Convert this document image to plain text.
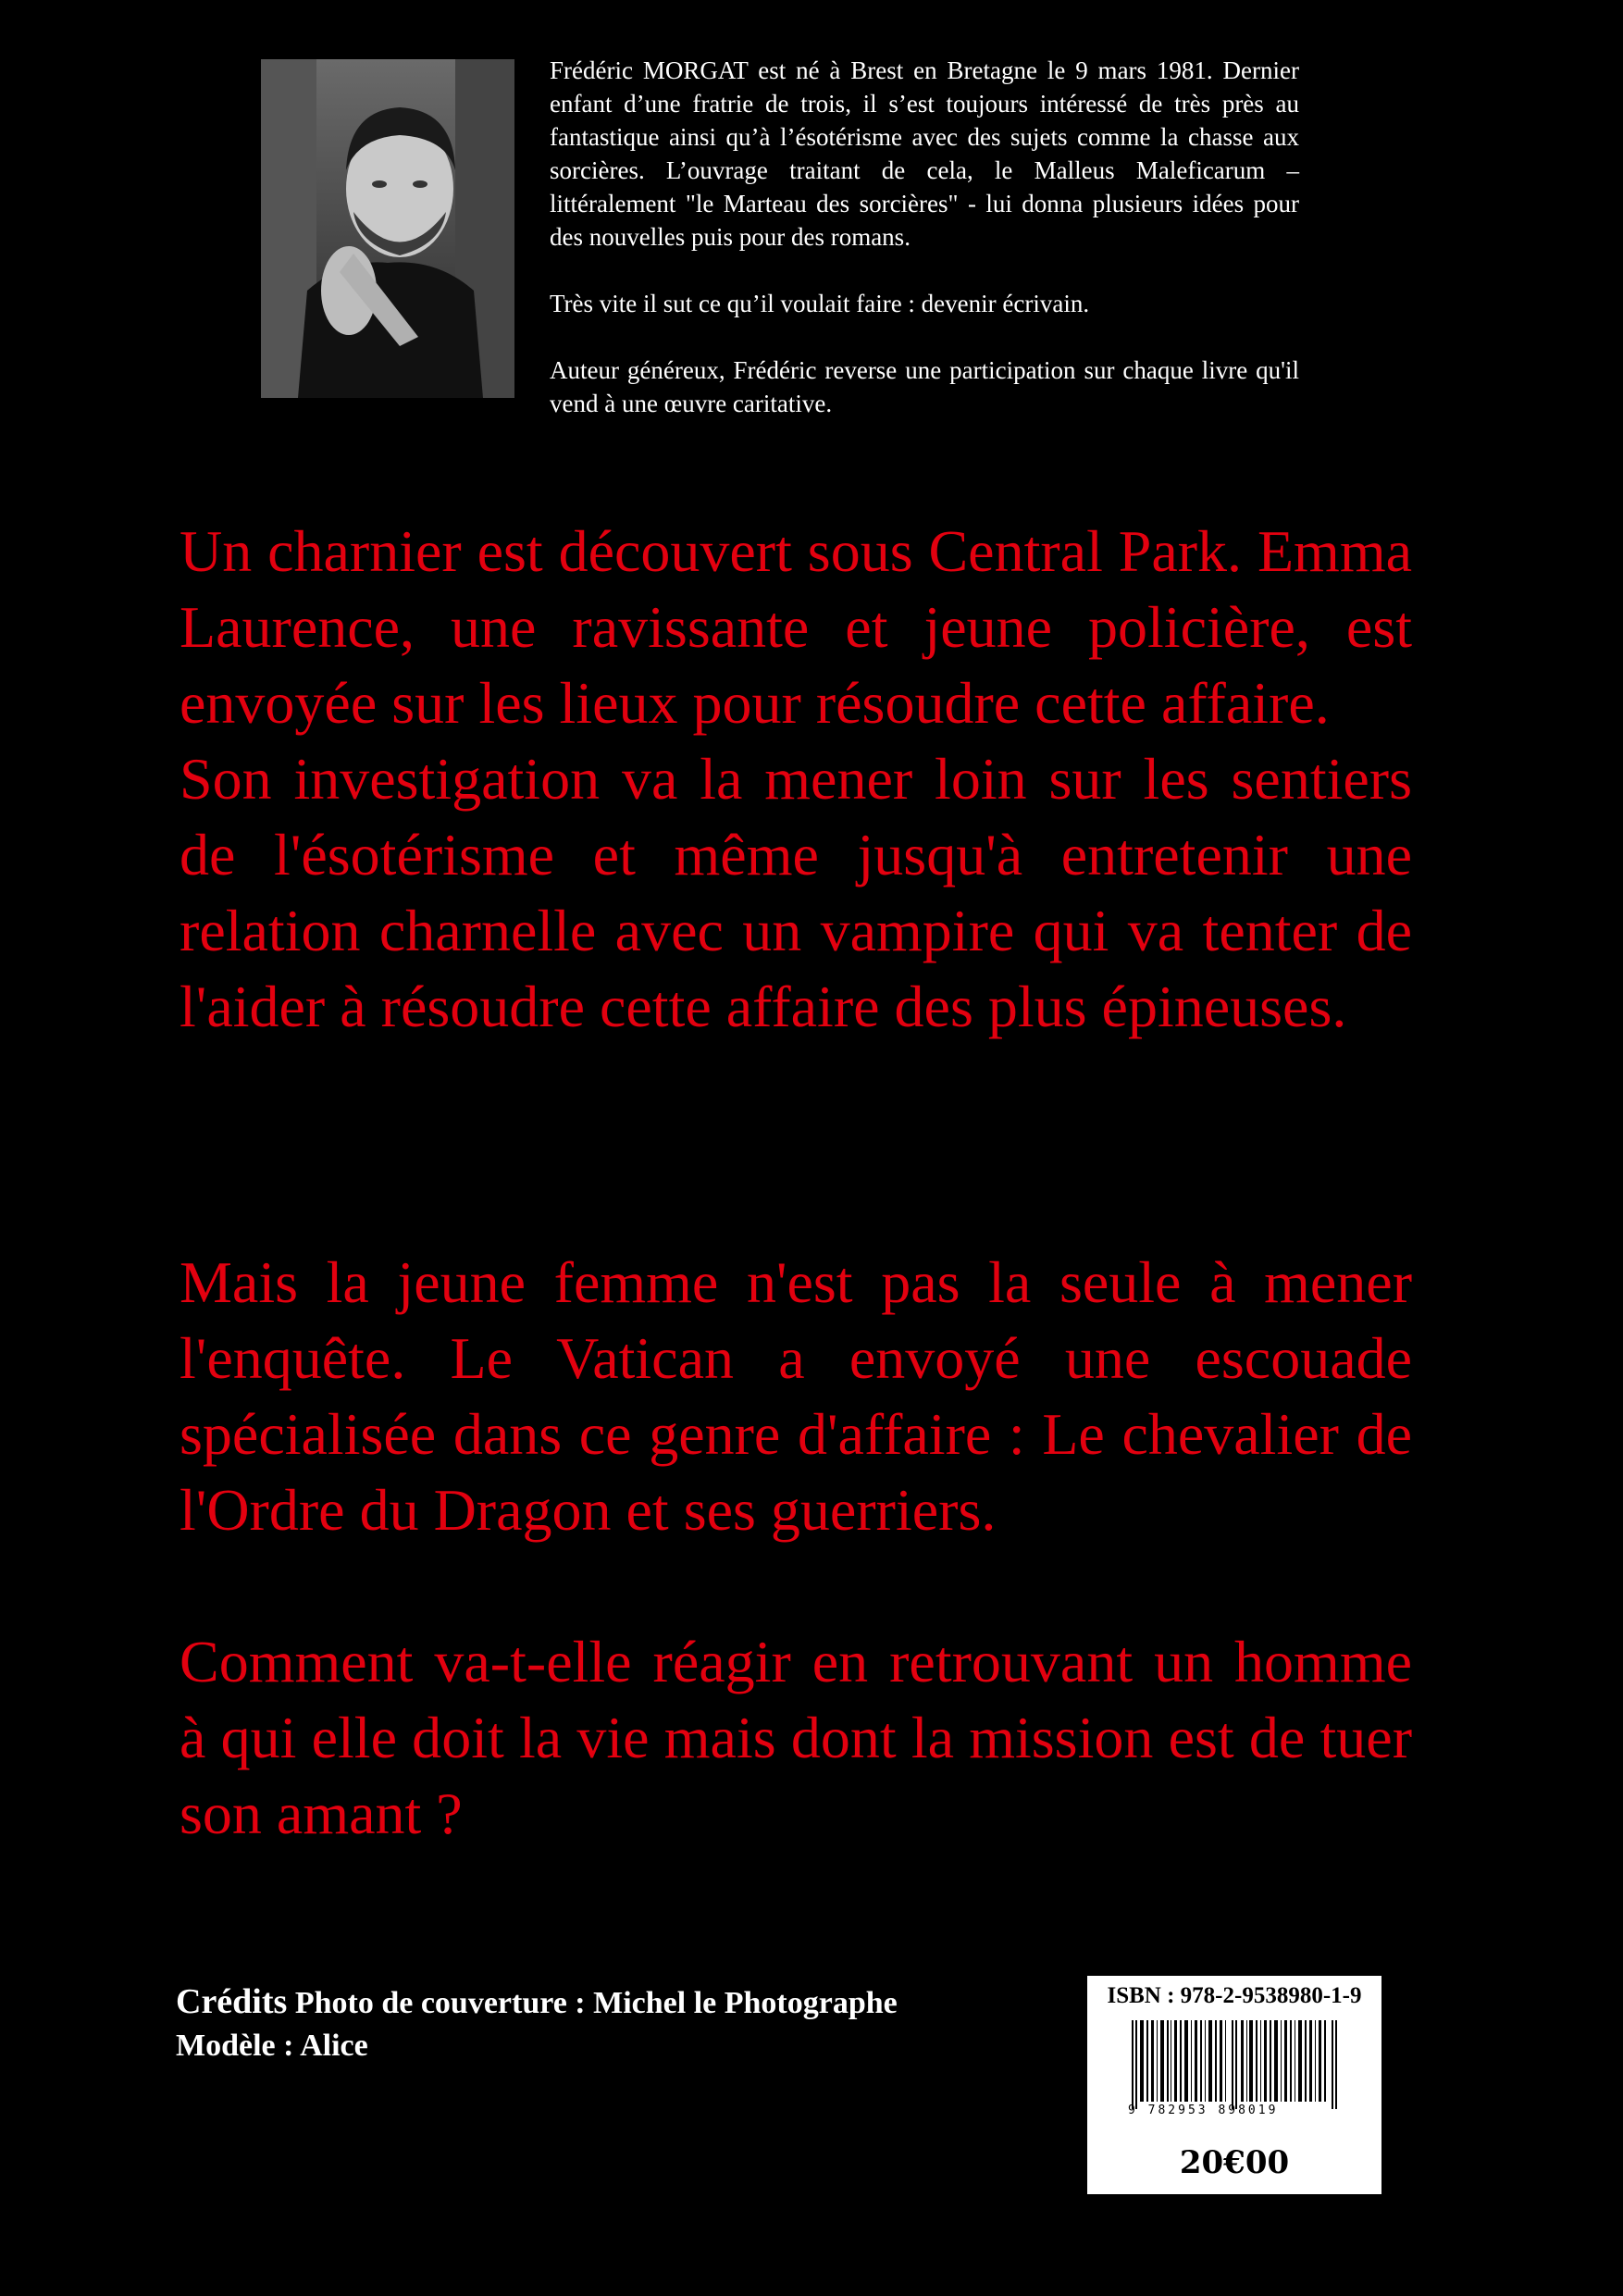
Frédéric MORGAT est né à Brest en Bretagne le 9 mars 1981. Dernier enfant d’une fratrie de trois, il s’est toujours intéressé de très près au fantastique ainsi qu’à l’ésotérisme avec des sujets comme la chasse aux sorcières. L’ouvrage traitant de cela, le Malleus Maleficarum – littéralement "le Marteau des sorcières" - lui donna plusieurs idées pour des nouvelles puis pour des romans.

Très vite il sut ce qu’il voulait faire : devenir écrivain.

Auteur généreux, Frédéric reverse une participation sur chaque livre qu'il vend à une œuvre caritative.

Un charnier est découvert sous Central Park. Emma Laurence, une ravissante et jeune policière, est envoyée sur les lieux pour résoudre cette affaire.

Son investigation va la mener loin sur les sentiers de l'ésotérisme et même jusqu'à entretenir une relation charnelle avec un vampire qui va tenter de l'aider à résoudre cette affaire des plus épineuses.

Mais la jeune femme n'est pas la seule à mener l'enquête. Le Vatican a envoyé une escouade spécialisée dans ce genre d'affaire : Le chevalier de l'Ordre du Dragon et ses guerriers.

Comment va-t-elle réagir en retrouvant un homme à qui elle doit la vie mais dont la mission est de tuer son amant ?

Crédits Photo de couverture : Michel le Photographe
Modèle : Alice
ISBN : 978-2-9538980-1-9
9 782953 898019
20€00
